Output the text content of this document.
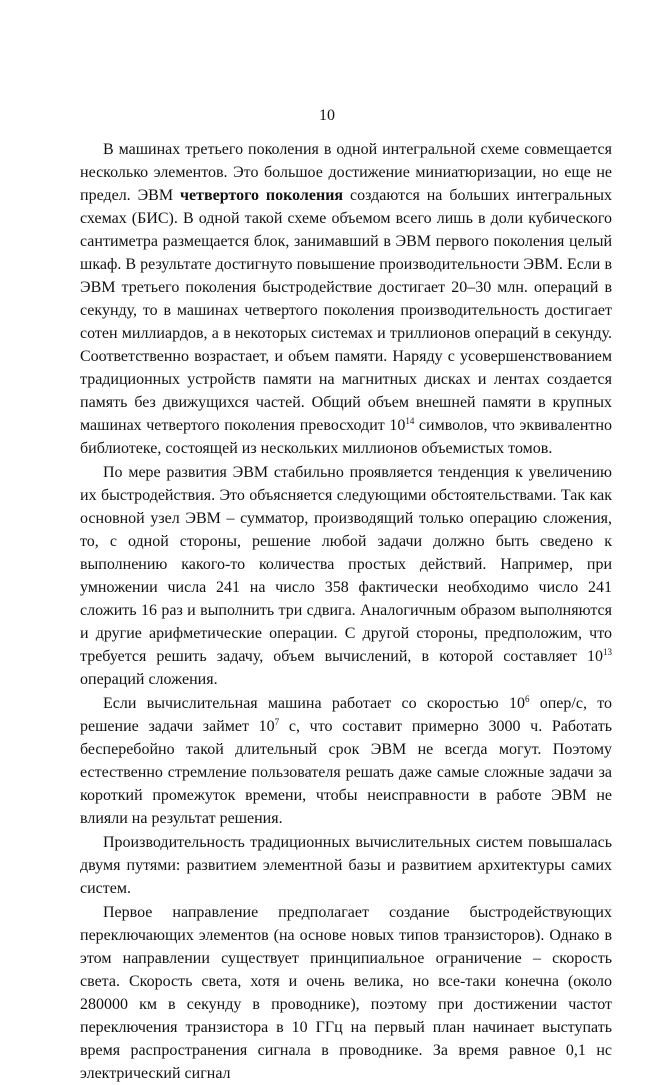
10

В машинах третьего поколения в одной интегральной схеме совмещается несколько элементов. Это большое достижение миниатюризации, но еще не предел. ЭВМ четвертого поколения создаются на больших интегральных схемах (БИС). В одной такой схеме объемом всего лишь в доли кубического сантиметра размещается блок, занимавший в ЭВМ первого поколения целый шкаф. В результате достигнуто повышение производительности ЭВМ. Если в ЭВМ третьего поколения быстродействие достигает 20–30 млн. операций в секунду, то в машинах четвертого поколения производительность достигает сотен миллиардов, а в некоторых системах и триллионов операций в секунду. Соответственно возрастает, и объем памяти. Наряду с усовершенствованием традиционных устройств памяти на магнитных дисках и лентах создается память без движущихся частей. Общий объем внешней памяти в крупных машинах четвертого поколения превосходит $10^{14}$ символов, что эквивалентно библиотеке, состоящей из нескольких миллионов объемистых томов.

По мере развития ЭВМ стабильно проявляется тенденция к увеличению их быстродействия. Это объясняется следующими обстоятельствами. Так как основной узел ЭВМ – сумматор, производящий только операцию сложения, то, с одной стороны, решение любой задачи должно быть сведено к выполнению какого-то количества простых действий. Например, при умножении числа 241 на число 358 фактически необходимо число 241 сложить 16 раз и выполнить три сдвига. Аналогичным образом выполняются и другие арифметические операции. С другой стороны, предположим, что требуется решить задачу, объем вычислений, в которой составляет $10^{13}$ операций сложения.

Если вычислительная машина работает со скоростью $10^6$ опер/с, то решение задачи займет $10^7$ с, что составит примерно 3000 ч. Работать бесперебойно такой длительный срок ЭВМ не всегда могут. Поэтому естественно стремление пользователя решать даже самые сложные задачи за короткий промежуток времени, чтобы неисправности в работе ЭВМ не влияли на результат решения.

Производительность традиционных вычислительных систем повышалась двумя путями: развитием элементной базы и развитием архитектуры самих систем.

Первое направление предполагает создание быстродействующих переключающих элементов (на основе новых типов транзисторов). Однако в этом направлении существует принципиальное ограничение – скорость света. Скорость света, хотя и очень велика, но все-таки конечна (около 280000 км в секунду в проводнике), поэтому при достижении частот переключения транзистора в 10 ГГц на первый план начинает выступать время распространения сигнала в проводнике. За время равное 0,1 нс электрический сигнал
